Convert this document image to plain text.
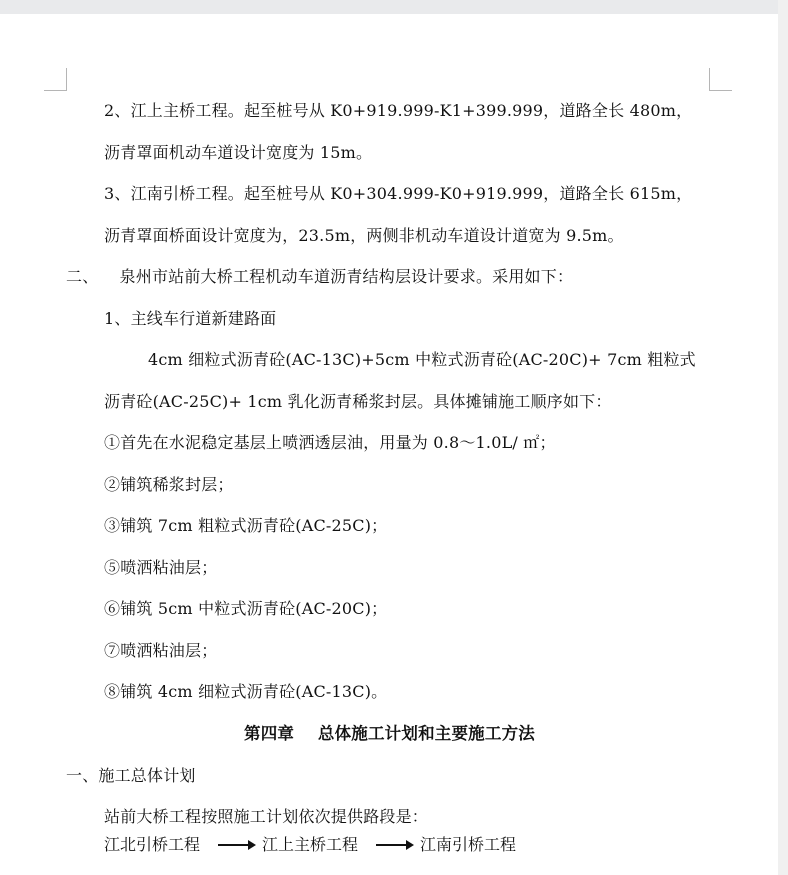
2、江上主桥工程。起至桩号从 K0+919.999-K1+399.999，道路全长 480m，
沥青罩面机动车道设计宽度为 15m。
3、江南引桥工程。起至桩号从 K0+304.999-K0+919.999，道路全长 615m，
沥青罩面桥面设计宽度为，23.5m，两侧非机动车道设计道宽为 9.5m。
二、    泉州市站前大桥工程机动车道沥青结构层设计要求。采用如下：
1、主线车行道新建路面
4cm 细粒式沥青砼(AC-13C)+5cm 中粒式沥青砼(AC-20C)+ 7cm 粗粒式
沥青砼(AC-25C)+ 1cm 乳化沥青稀浆封层。具体摊铺施工顺序如下：
①首先在水泥稳定基层上喷洒透层油，用量为 0.8～1.0L/ ㎡；
②铺筑稀浆封层；
③铺筑 7cm 粗粒式沥青砼(AC-25C)；
⑤喷洒粘油层；
⑥铺筑 5cm 中粒式沥青砼(AC-20C)；
⑦喷洒粘油层；
⑧铺筑 4cm 细粒式沥青砼(AC-13C)。
第四章    总体施工计划和主要施工方法
一、施工总体计划
站前大桥工程按照施工计划依次提供路段是：
江北引桥工程	江上主桥工程	江南引桥工程
